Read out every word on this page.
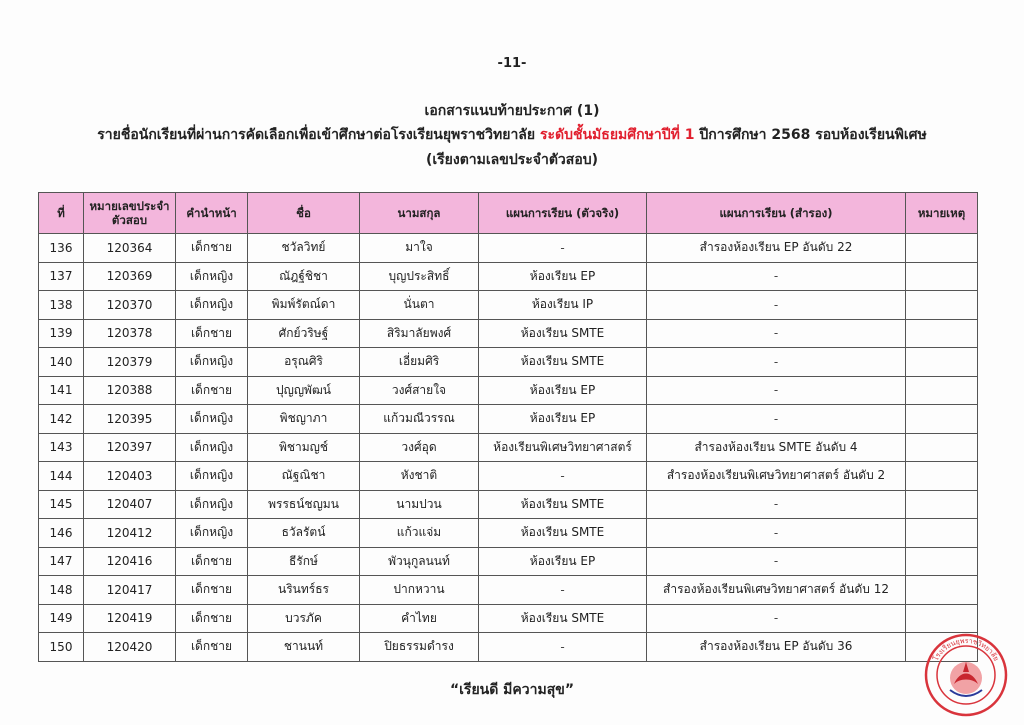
-11-
เอกสารแนบท้ายประกาศ (1)
รายชื่อนักเรียนที่ผ่านการคัดเลือกเพื่อเข้าศึกษาต่อโรงเรียนยุพราชวิทยาลัย ระดับชั้นมัธยมศึกษาปีที่ 1 ปีการศึกษา 2568 รอบห้องเรียนพิเศษ
(เรียงตามเลขประจำตัวสอบ)
ที่	หมายเลขประจำตัวสอบ	คำนำหน้า	ชื่อ	นามสกุล	แผนการเรียน (ตัวจริง)	แผนการเรียน (สำรอง)	หมายเหตุ
136	120364	เด็กชาย	ชวัลวิทย์	มาใจ	-	สำรองห้องเรียน EP อันดับ 22	
137	120369	เด็กหญิง	ณัฎฐ์ชิชา	บุญประสิทธิ์	ห้องเรียน EP	-	
138	120370	เด็กหญิง	พิมพ์รัตณ์ดา	นั่นตา	ห้องเรียน IP	-	
139	120378	เด็กชาย	ศักย์วริษฐ์	สิริมาลัยพงศ์	ห้องเรียน SMTE	-	
140	120379	เด็กหญิง	อรุณศิริ	เอี่ยมศิริ	ห้องเรียน SMTE	-	
141	120388	เด็กชาย	ปุญญพัฒน์	วงศ์สายใจ	ห้องเรียน EP	-	
142	120395	เด็กหญิง	พิชญาภา	แก้วมณีวรรณ	ห้องเรียน EP	-	
143	120397	เด็กหญิง	พิชามญช์	วงศ์อุด	ห้องเรียนพิเศษวิทยาศาสตร์	สำรองห้องเรียน SMTE อันดับ 4	
144	120403	เด็กหญิง	ณัฐณิชา	หังชาติ	-	สำรองห้องเรียนพิเศษวิทยาศาสตร์ อันดับ 2	
145	120407	เด็กหญิง	พรรธน์ชญมน	นามปวน	ห้องเรียน SMTE	-	
146	120412	เด็กหญิง	ธวัลรัตน์	แก้วแจ่ม	ห้องเรียน SMTE	-	
147	120416	เด็กชาย	ธีรักษ์	พัวนุกูลนนท์	ห้องเรียน EP	-	
148	120417	เด็กชาย	นรินทร์ธร	ปากหวาน	-	สำรองห้องเรียนพิเศษวิทยาศาสตร์ อันดับ 12	
149	120419	เด็กชาย	บวรภัค	คำไทย	ห้องเรียน SMTE	-	
150	120420	เด็กชาย	ชานนท์	ปิยธรรมดำรง	-	สำรองห้องเรียน EP อันดับ 36	
“เรียนดี มีความสุข”
โรงเรียนยุพราชวิทยาลัย
